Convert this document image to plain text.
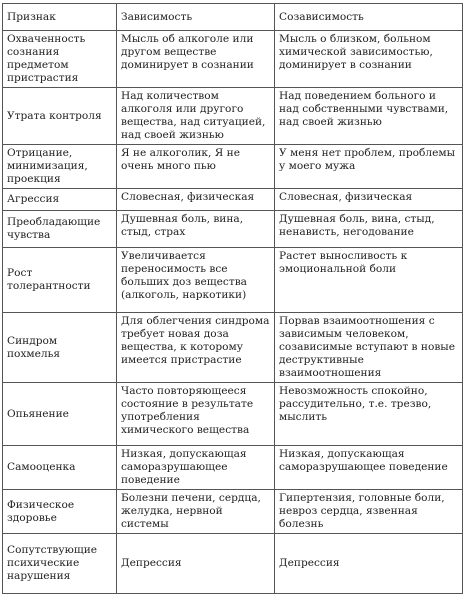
Признак	Зависимость	Созависимость
Охваченность сознания предметом пристрастия	Мысль об алкоголе или другом веществе доминирует в сознании	Мысль о близком, больном химической зависимостью, доминирует в сознании
Утрата контроля	Над количеством алкоголя или другого вещества, над ситуацией, над своей жизнью	Над поведением больного и над собственными чувствами, над своей жизнью
Отрицание, минимизация, проекция	Я не алкоголик, Я не очень много пью	У меня нет проблем, проблемы у моего мужа
Агрессия	Словесная, физическая	Словесная, физическая
Преобладающие чувства	Душевная боль, вина, стыд, страх	Душевная боль, вина, стыд, ненависть, негодование
Рост толерантности	Увеличивается переносимость все больших доз вещества (алкоголь, наркотики)	Растет выносливость к эмоциональной боли
Синдром похмелья	Для облегчения синдрома требует новая доза вещества, к которому имеется пристрастие	Порвав взаимоотношения с зависимым человеком, созависимые вступают в новые деструктивные взаимоотношения
Опьянение	Часто повторяющееся состояние в результате употребления химического вещества	Невозможность спокойно, рассудительно, т.е. трезво, мыслить
Самооценка	Низкая, допускающая саморазрушающее поведение	Низкая, допускающая саморазрушающее поведение
Физическое здоровье	Болезни печени, сердца, желудка, нервной системы	Гипертензия, головные боли, невроз сердца, язвенная болезнь
Сопутствующие психические нарушения	Депрессия	Депрессия
